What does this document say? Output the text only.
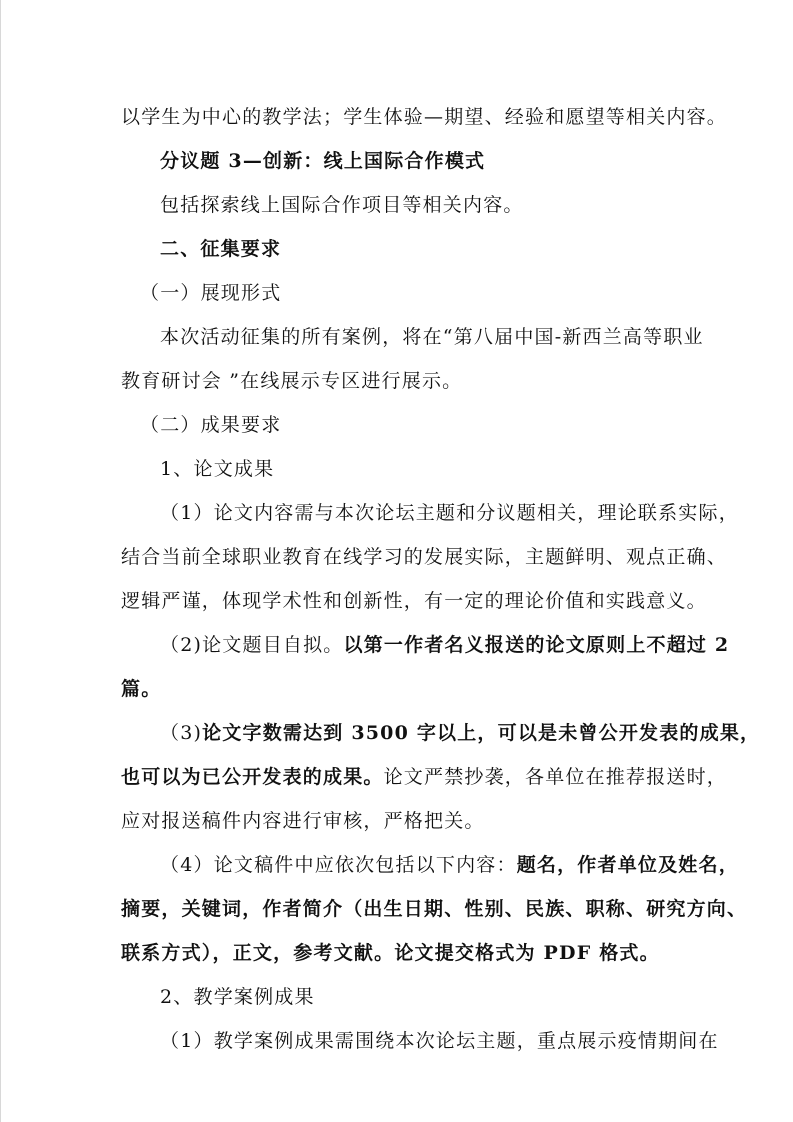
以学生为中心的教学法；学生体验—期望、经验和愿望等相关内容。
分议题 3—创新：线上国际合作模式
包括探索线上国际合作项目等相关内容。
二、征集要求
（一）展现形式
本次活动征集的所有案例，将在“第八届中国-新西兰高等职业
教育研讨会 ”在线展示专区进行展示。
（二）成果要求
1、论文成果
（1）论文内容需与本次论坛主题和分议题相关，理论联系实际，
结合当前全球职业教育在线学习的发展实际，主题鲜明、观点正确、
逻辑严谨，体现学术性和创新性，有一定的理论价值和实践意义。
（2)论文题目自拟。以第一作者名义报送的论文原则上不超过 2
篇。
（3)论文字数需达到 3500 字以上，可以是未曾公开发表的成果，
也可以为已公开发表的成果。论文严禁抄袭，各单位在推荐报送时，
应对报送稿件内容进行审核，严格把关。
（4）论文稿件中应依次包括以下内容：题名，作者单位及姓名，
摘要，关键词，作者简介（出生日期、性别、民族、职称、研究方向、
联系方式），正文，参考文献。论文提交格式为 PDF 格式。
2、教学案例成果
（1）教学案例成果需围绕本次论坛主题，重点展示疫情期间在
